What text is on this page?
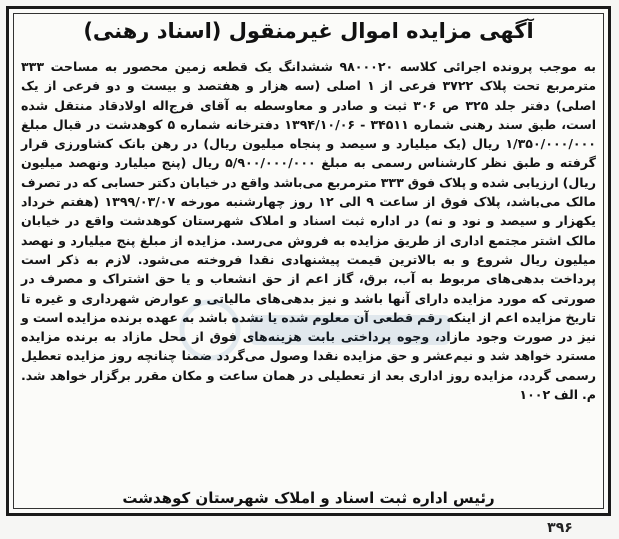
آگهی مزایده اموال غیرمنقول (اسناد رهنی)
به موجب پرونده اجرائی کلاسه ۹۸۰۰۰۲۰ ششدانگ یک قطعه زمین محصور به مساحت ۳۳۳ مترمربع تحت پلاک ۳۷۲۲ فرعی از ۱ اصلی (سه هزار و هفتصد و بیست و دو فرعی از یک اصلی) دفتر جلد ۳۲۵ ص ۳۰۶ ثبت و صادر و معاوسطه به آقای فرج‌اله اولادقاد منتقل شده است، طبق سند رهنی شماره ۳۴۵۱۱ - ۱۳۹۴/۱۰/۰۶ دفترخانه شماره ۵ کوهدشت در قبال مبلغ ۱/۳۵۰/۰۰۰/۰۰۰ ریال (یک میلیارد و سیصد و پنجاه میلیون ریال) در رهن بانک کشاورزی قرار گرفته و طبق نظر کارشناس رسمی به مبلغ ۵/۹۰۰/۰۰۰/۰۰۰ ریال (پنج میلیارد ونهصد میلیون ریال) ارزیابی شده و پلاک فوق ۳۳۳ مترمربع می‌باشد واقع در خیابان دکتر حسابی که در تصرف مالک می‌باشد، پلاک فوق از ساعت ۹ الی ۱۲ روز چهارشنبه مورخه ۱۳۹۹/۰۳/۰۷ (هفتم خرداد یکهزار و سیصد و نود و نه) در اداره ثبت اسناد و املاک شهرستان کوهدشت واقع در خیابان مالک اشتر مجتمع اداری از طریق مزایده به فروش می‌رسد. مزایده از مبلغ پنج میلیارد و نهصد میلیون ریال شروع و به بالاترین قیمت پیشنهادی نقدا فروخته می‌شود. لازم به ذکر است پرداخت بدهی‌های مربوط به آب، برق، گاز اعم از حق انشعاب و یا حق اشتراک و مصرف در صورتی که مورد مزایده دارای آنها باشد و نیز بدهی‌های مالیاتی و عوارض شهرداری و غیره تا تاریخ مزایده اعم از اینکه رقم قطعی آن معلوم شده یا نشده باشد به عهده برنده مزایده است و نیز در صورت وجود مازاد، وجوه پرداختی بابت هزینه‌های فوق از محل مازاد به برنده مزایده مسترد خواهد شد و نیم‌عشر و حق مزایده نقدا وصول می‌گردد ضمنا چنانچه روز مزایده تعطیل رسمی گردد، مزایده روز اداری بعد از تعطیلی در همان ساعت و مکان مقرر برگزار خواهد شد. م. الف ۱۰۰۲
رئیس اداره ثبت اسناد و املاک شهرستان کوهدشت
۳۹۶
